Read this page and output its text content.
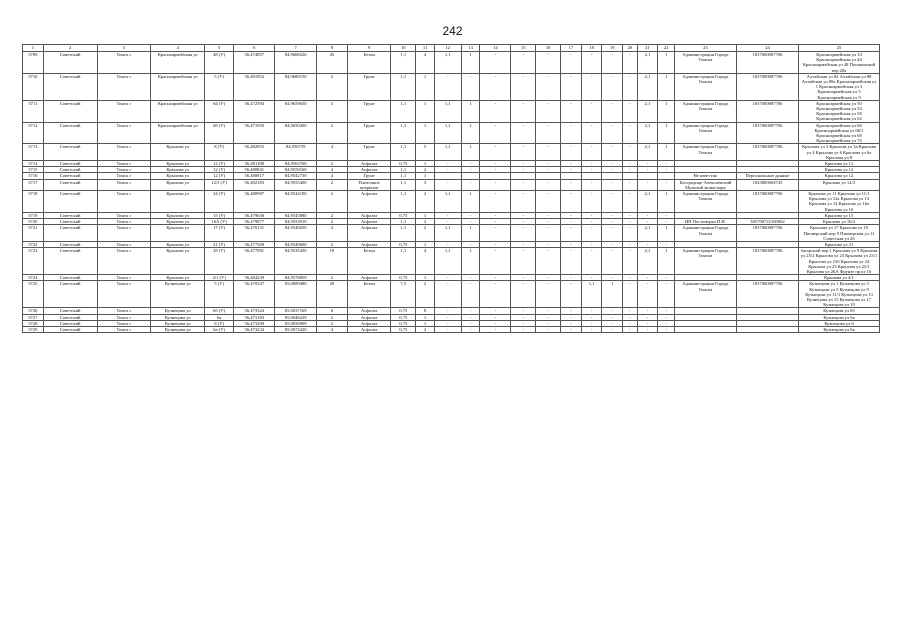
242
1	2	3	4	5	6	7	8	9	10	11	12	13	14	15	16	17	18	19	20	21	22	23	24	25
3709	Советский	Томск г	Красноармейская ул	48 (У)	56,474857	84,9668226	45	Бетон	1,1	4	1,1	1	-	-	-	-	-	-	-	2,1	1	Администрация Города Томска	1037000087706	Красноармейская ул 33 Красноармейская ул 44 Красноармейская ул 48 Пушкинский пер 28а
3710	Советский	Томск г	Красноармейская ул	5 (У)	56,481952	84,9680150	2	Грунт	1,1	1	-	-	-	-	-	-	-	-	-	2,1	1	Администрация Города Томска	1037000087706	Алтайская ул 82 Алтайская ул 88 Алтайская ул 88а Красноармейская ул 1 Красноармейская ул 3 Красноармейская ул 5 Красноармейская ул 9
3711	Советский	Томск г	Красноармейская ул	64 (У)	56,472594	84,9659650	3	Грунт	1,1	1	1,1	1	-	-	-	-	-	-	-	2,1	1	Администрация Города Томска	1037000087706	Красноармейская ул 50 Красноармейская ул 54 Красноармейская ул 58 Красноармейская ул 62
3712	Советский	Томск г	Красноармейская ул	68 (У)	56,471050	84,9650300	2	Грунт	1,1	1	1,1	1	-	-	-	-	-	-	-	2,1	1	Администрация Города Томска	1037000087706	Красноармейская ул 66 Красноармейская ул 68/1 Красноармейская ул 68 Красноармейская ул 70
3713	Советский	Томск г	Крылова ул	8 (У)	56,482955	84,956759	4	Грунт	1,1	5	1,1	1	-	-	-	-	-	-	-	2,1	1	Администрация Города Томска	1037000087706	Крылова ул 3 Крылова ул 3а Крылова ул 4 Крылова ул 6 Крылова ул 6а Крылова ул 8
3714	Советский	Томск г	Крылова ул	12 (У)	56,481188	84,9563760	2	Асфальт	0,75	1	-	-	-	-	-	-	-	-	-	-	-			Крылова ул 12
3715	Советский	Томск г	Крылова ул	12 (У)	56,480841	84,9559160	4	Асфальт	1,1	2	-	-	-	-	-	-	-	-	-	-	-			Крылова ул 12
3716	Советский	Томск г	Крылова ул	12 (У)	56,480817	84,9542739	4	Грунт	1,1	1												Не известно	Персональные данные	Крылова ул 12
3717	Советский	Томск г	Крылова ул	12/3 (У)	56,482183	84,9555400	2	Плиточное покрытие	1,1	3	-	-	-	-	-	-	-	-	-	-	-	Богородице-Алексиевский Мужской монастырь	1025800004745	Крылова ул 12/3
3718	Советский	Томск г	Крылова ул	34 (У)	56,480987	84,9544190	2	Асфальт	1,1	2	1,1	1	-	-	-	-	-	-	-	2,1	1	Администрация Города Томска	1037000087706	Крылова ул 11 Крылова ул 11/1 Крылова ул 12а Крылова ул 13 Крылова ул 14 Крылова ул 16а Крылова ул 16
3719	Советский	Томск г	Крылова ул	15 (У)	56,479630	84,9545880	2	Асфальт	0,75	1	-	-	-	-	-	-	-	-	-	-	-			Крылова ул 15
3720	Советский	Томск г	Крылова ул	16А (У)	56,479877	84,9553910	2	Асфальт	1,1	2	-	-	-	-	-	-	-	-	-	-	-	ИП Пестемерка П.И.	305700722100062	Крылова ул 16/2
3721	Советский	Томск г	Крылова ул	17 (У)	56,478131	84,9546650	4	Асфальт	1,1	2	1,1	1	-	-	-	-	-	-	-	2,1	1	Администрация Города Томска	1037000087706	Крылова ул 17 Крылова ул 19 Пионерский пер 9 Пионерская ул 11 Советская ул 26
3722	Советский	Томск г	Крылова ул	21 (У)	56,477509	84,9549600	2	Асфальт	0,75	1	-	-	-	-	-	-	-	-	-	-	-			Крылова ул 21
3723	Советский	Томск г	Крылова ул	28 (У)	56,477091	84,9535430	10	Бетон	1,1	4	1,1	1	-	-	-	-	-	-	-	2,1	1	Администрация Города Томска	1037000087706	Загорский пер 1 Крылова ул 9 Крылова ул 25/2 Крылова ул 23 Крылова ул 23/1 Крылова ул 23б Крылова ул 24 Крылова ул 25 Крылова ул 25/1 Крылова ул 26А Фрунзе пр кт 16
3724	Советский	Томск г	Крылова ул	4/1 (У)	56,484239	84,9578859	2	Асфальт	0,75	1	-	-	-	-	-	-	-	-	-	-	-			Крылова ул 4/1
3725	Советский	Томск г	Кузнецова ул	5 (У)	56,470347	85,0089480	20	Бетон	7,5	2	-	-	-	-	-	-	1,1	1	-	-	-	Администрация Города Томска	1037000087706	Кузнецова ул 1 Кузнецова ул 3 Кузнецова ул 5 Кузнецова ул 9 Кузнецова ул 11/1 Кузнецова ул 13 Кузнецова ул 15 Кузнецова ул 17 Кузнецова ул 19
3726	Советский	Томск г	Кузнецова ул	6б (У)	56,473324	85,0037169	6	Асфальт	0,75	8	-	-	-	-	-	-	-	-	-	-	-			Кузнецова ул 6б
3727	Советский	Томск г	Кузнецова ул	6а	56,473183	85,0046229	2	Асфальт	0,75	1	-	-	-	-	-	-	-	-	-	-	-			Кузнецова ул 6а
3728	Советский	Томск г	Кузнецова ул	6 (У)	56,473290	85,0056909	2	Асфальт	0,75	1	-	-	-	-	-	-	-	-	-	-	-			Кузнецова ул 6
3729	Советский	Томск г	Кузнецова ул	6а (У)	56,473234	85,0073420	4	Асфальт	0,75	2	-	-	-	-	-	-	-	-	-	-	-			Кузнецова ул 6а
